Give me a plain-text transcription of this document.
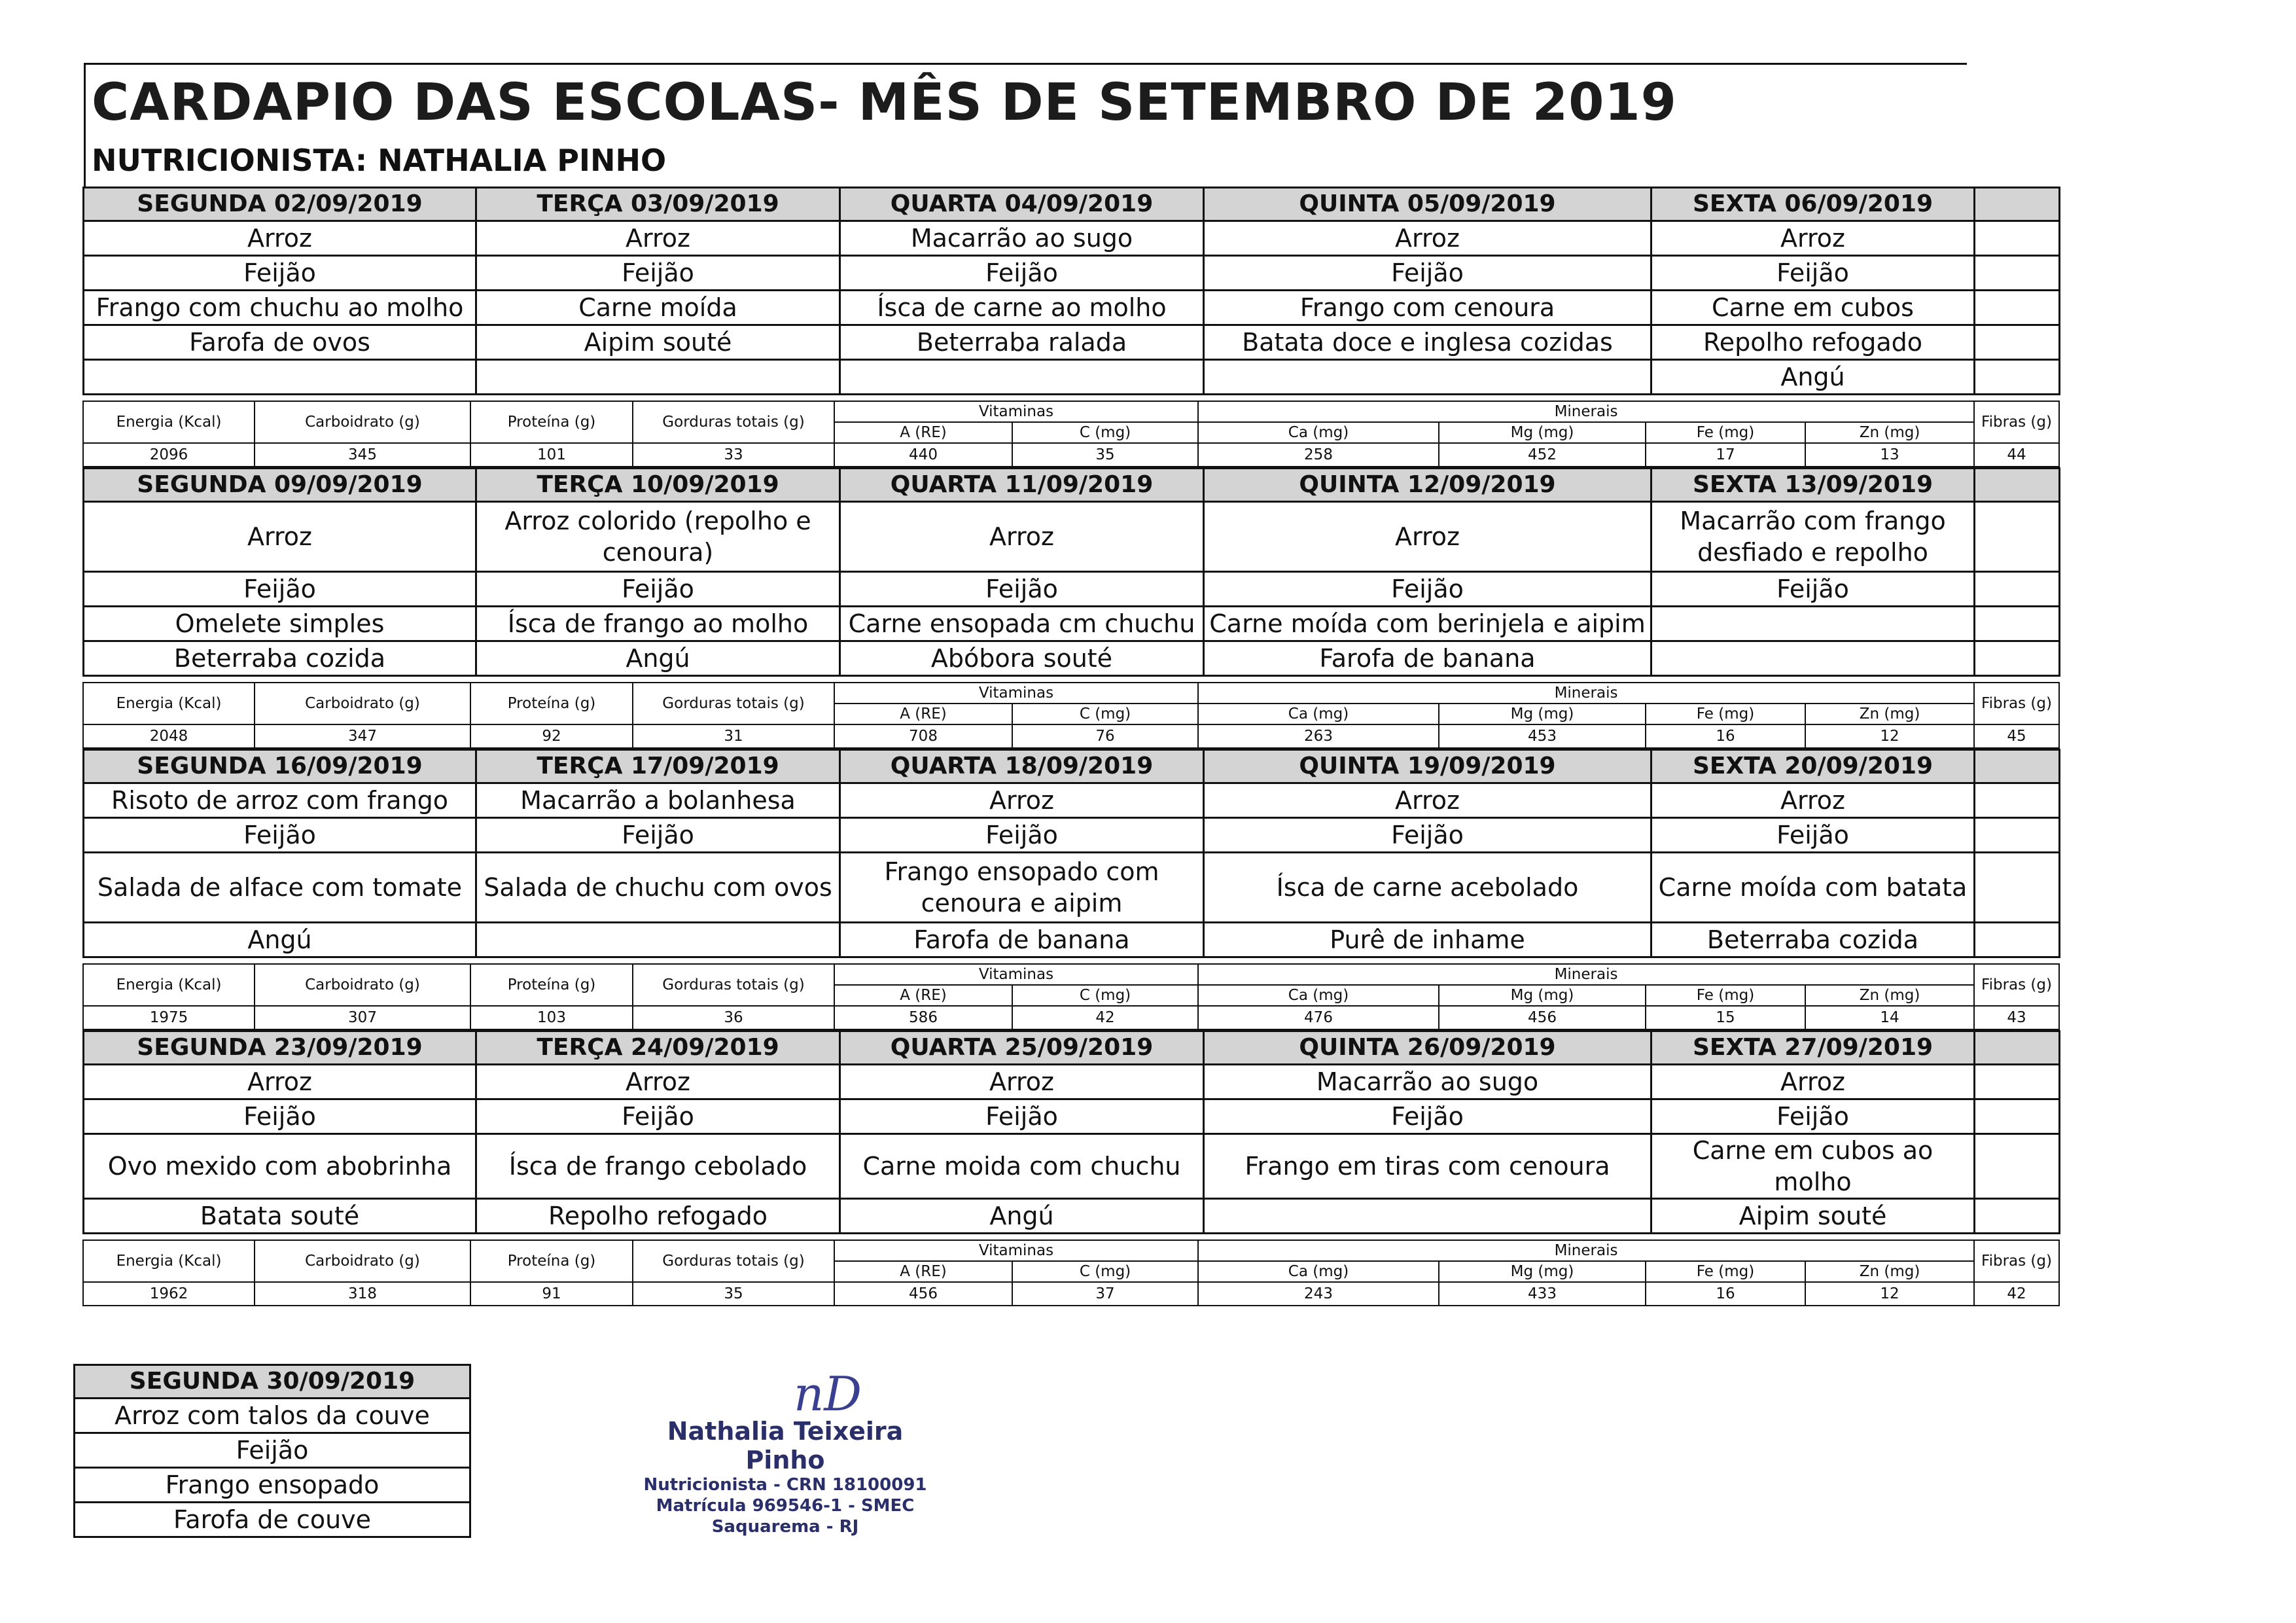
CARDAPIO DAS ESCOLAS- MÊS DE SETEMBRO DE 2019
NUTRICIONISTA: NATHALIA PINHO
SEGUNDA 02/09/2019	TERÇA 03/09/2019	QUARTA 04/09/2019	QUINTA 05/09/2019	SEXTA 06/09/2019	
Arroz	Arroz	Macarrão ao sugo	Arroz	Arroz	
Feijão	Feijão	Feijão	Feijão	Feijão	
Frango com chuchu ao molho	Carne moída	Ísca de carne ao molho	Frango com cenoura	Carne em cubos	
Farofa de ovos	Aipim souté	Beterraba ralada	Batata doce e inglesa cozidas	Repolho refogado	
				Angú	
Energia (Kcal)	Carboidrato (g)	Proteína (g)	Gorduras totais (g)	Vitaminas		Minerais				Fibras (g)
				A (RE)	C (mg)	Ca (mg)	Mg (mg)	Fe (mg)	Zn (mg)	
2096	345	101	33	440	35	258	452	17	13	44
SEGUNDA 09/09/2019	TERÇA 10/09/2019	QUARTA 11/09/2019	QUINTA 12/09/2019	SEXTA 13/09/2019	
Arroz	Arroz colorido (repolho e cenoura)	Arroz	Arroz	Macarrão com frango desfiado e repolho	
Feijão	Feijão	Feijão	Feijão	Feijão	
Omelete simples	Ísca de frango ao molho	Carne ensopada cm chuchu	Carne moída com berinjela e aipim		
Beterraba cozida	Angú	Abóbora souté	Farofa de banana		
Energia (Kcal)	Carboidrato (g)	Proteína (g)	Gorduras totais (g)	Vitaminas		Minerais				Fibras (g)
				A (RE)	C (mg)	Ca (mg)	Mg (mg)	Fe (mg)	Zn (mg)	
2048	347	92	31	708	76	263	453	16	12	45
SEGUNDA 16/09/2019	TERÇA 17/09/2019	QUARTA 18/09/2019	QUINTA 19/09/2019	SEXTA 20/09/2019	
Risoto de arroz com frango	Macarrão a bolanhesa	Arroz	Arroz	Arroz	
Feijão	Feijão	Feijão	Feijão	Feijão	
Salada de alface com tomate	Salada de chuchu com ovos	Frango ensopado com cenoura e aipim	Ísca de carne acebolado	Carne moída com batata	
Angú		Farofa de banana	Purê de inhame	Beterraba cozida	
Energia (Kcal)	Carboidrato (g)	Proteína (g)	Gorduras totais (g)	Vitaminas		Minerais				Fibras (g)
				A (RE)	C (mg)	Ca (mg)	Mg (mg)	Fe (mg)	Zn (mg)	
1975	307	103	36	586	42	476	456	15	14	43
SEGUNDA 23/09/2019	TERÇA 24/09/2019	QUARTA 25/09/2019	QUINTA 26/09/2019	SEXTA 27/09/2019	
Arroz	Arroz	Arroz	Macarrão ao sugo	Arroz	
Feijão	Feijão	Feijão	Feijão	Feijão	
Ovo mexido com abobrinha	Ísca de frango cebolado	Carne moida com chuchu	Frango em tiras com cenoura	Carne em cubos ao molho	
Batata souté	Repolho refogado	Angú		Aipim souté	
Energia (Kcal)	Carboidrato (g)	Proteína (g)	Gorduras totais (g)	Vitaminas		Minerais				Fibras (g)
				A (RE)	C (mg)	Ca (mg)	Mg (mg)	Fe (mg)	Zn (mg)	
1962	318	91	35	456	37	243	433	16	12	42
SEGUNDA 30/09/2019
Arroz com talos da couve
Feijão
Frango ensopado
Farofa de couve
nD
Nathalia Teixeira Pinho
Nutricionista - CRN 18100091
Matrícula 969546-1 - SMEC
Saquarema - RJ
